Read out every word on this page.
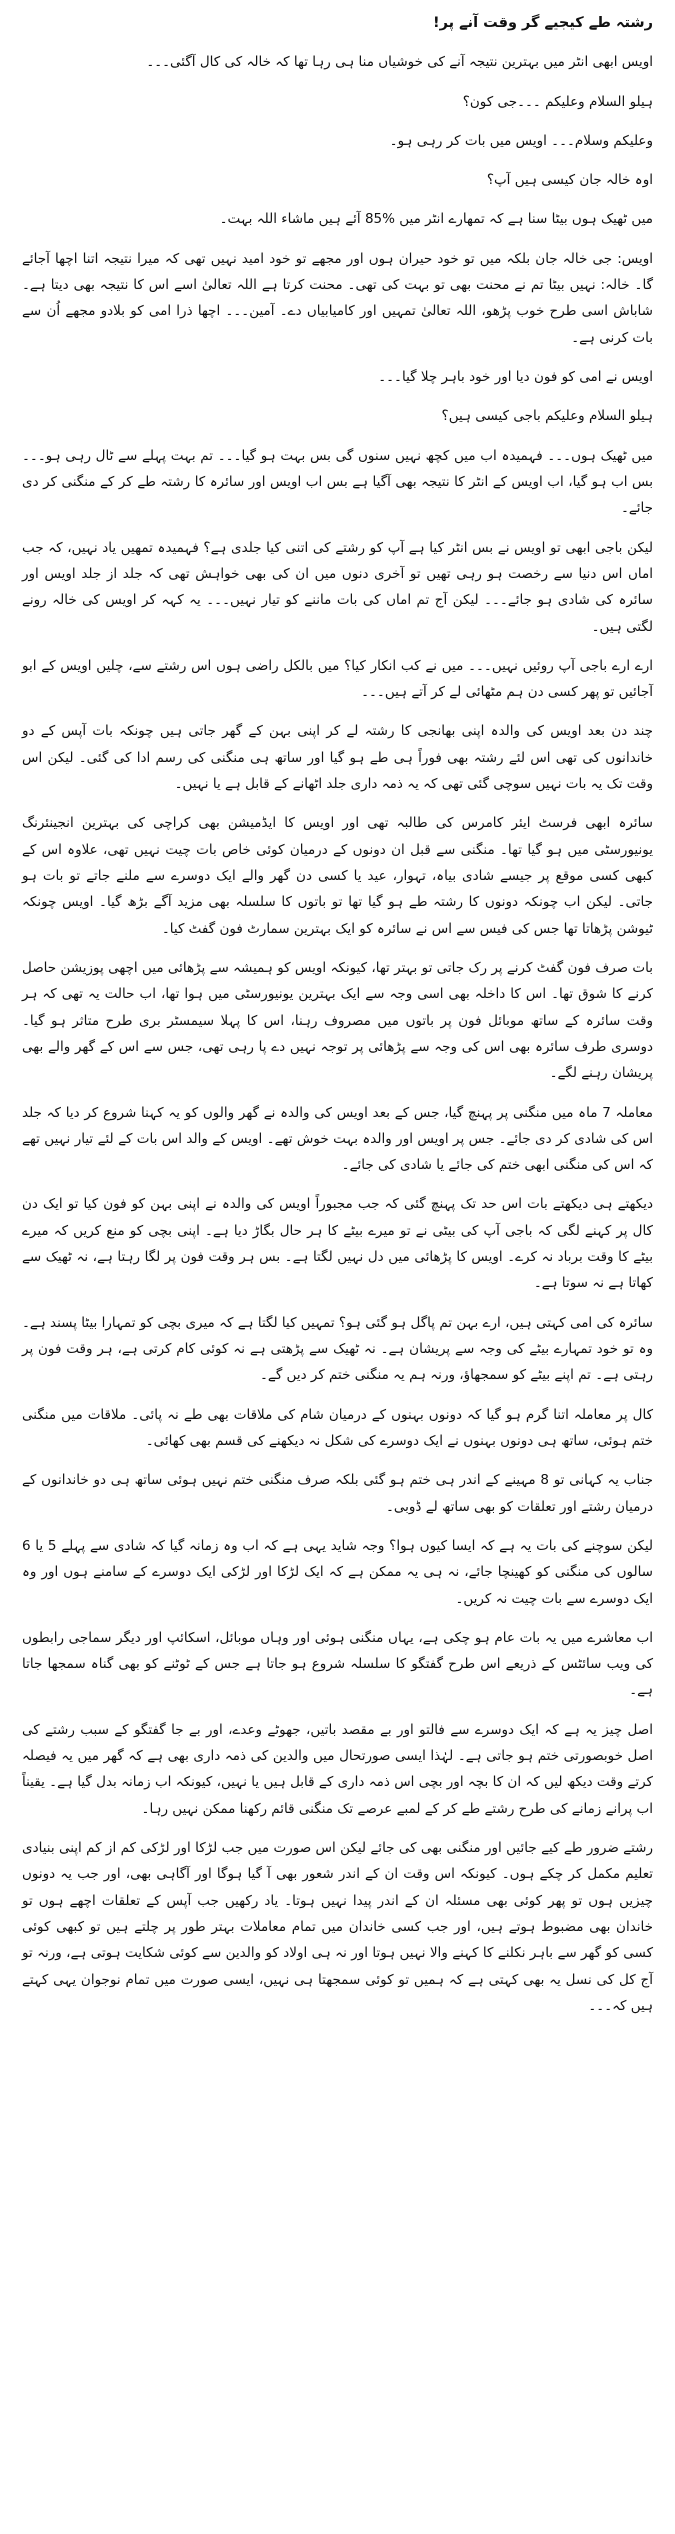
رشتہ طے کیجیے گر وقت آنے پر!

اویس ابھی انٹر میں بہترین نتیجہ آنے کی خوشیاں منا ہی رہا تھا کہ خالہ کی کال آگئی۔۔۔

ہیلو السلام وعلیکم ۔۔۔جی کون؟

وعلیکم وسلام۔۔۔ اویس میں بات کر رہی ہو۔

اوہ خالہ جان کیسی ہیں آپ؟

میں ٹھیک ہوں بیٹا سنا ہے کہ تمھارے انٹر میں %85 آئے ہیں ماشاء اللہ بہت۔

اویس: جی خالہ جان بلکہ میں تو خود حیران ہوں اور مجھے تو خود امید نہیں تھی کہ میرا نتیجہ اتنا اچھا آجائے گا۔ خالہ: نہیں بیٹا تم نے محنت بھی تو بہت کی تھی۔ محنت کرتا ہے اللہ تعالیٰ اسے اس کا نتیجہ بھی دیتا ہے۔ شاباش اسی طرح خوب پڑھو، اللہ تعالیٰ تمہیں اور کامیابیاں دے۔ آمین۔۔۔ اچھا ذرا امی کو بلادو مجھے اُن سے بات کرنی ہے۔

اویس نے امی کو فون دیا اور خود باہر چلا گیا۔۔۔

ہیلو السلام وعلیکم باجی کیسی ہیں؟

میں ٹھیک ہوں۔۔۔ فہمیدہ اب میں کچھ نہیں سنوں گی بس بہت ہو گیا۔۔۔ تم بہت پہلے سے ٹال رہی ہو۔۔۔ بس اب ہو گیا، اب اویس کے انٹر کا نتیجہ بھی آگیا ہے بس اب اویس اور سائرہ کا رشتہ طے کر کے منگنی کر دی جائے۔

لیکن باجی ابھی تو اویس نے بس انٹر کیا ہے آپ کو رشتے کی اتنی کیا جلدی ہے؟ فہمیدہ تمھیں یاد نہیں، کہ جب اماں اس دنیا سے رخصت ہو رہی تھیں تو آخری دنوں میں ان کی بھی خواہش تھی کہ جلد از جلد اویس اور سائرہ کی شادی ہو جائے۔۔۔ لیکن آج تم اماں کی بات ماننے کو تیار نہیں۔۔۔ یہ کہہ کر اویس کی خالہ رونے لگتی ہیں۔

ارے ارے باجی آپ روئیں نہیں۔۔۔ میں نے کب انکار کیا؟ میں بالکل راضی ہوں اس رشتے سے، چلیں اویس کے ابو آجائیں تو پھر کسی دن ہم مٹھائی لے کر آتے ہیں۔۔۔

چند دن بعد اویس کی والدہ اپنی بھانجی کا رشتہ لے کر اپنی بہن کے گھر جاتی ہیں چونکہ بات آپس کے دو خاندانوں کی تھی اس لئے رشتہ بھی فوراً ہی طے ہو گیا اور ساتھ ہی منگنی کی رسم ادا کی گئی۔ لیکن اس وقت تک یہ بات نہیں سوچی گئی تھی کہ یہ ذمہ داری جلد اٹھانے کے قابل ہے یا نہیں۔

سائرہ ابھی فرسٹ ایئر کامرس کی طالبہ تھی اور اویس کا ایڈمیشن بھی کراچی کی بہترین انجینئرنگ یونیورسٹی میں ہو گیا تھا۔ منگنی سے قبل ان دونوں کے درمیان کوئی خاص بات چیت نہیں تھی، علاوہ اس کے کبھی کسی موقع پر جیسے شادی بیاہ، تہوار، عید یا کسی دن گھر والے ایک دوسرے سے ملنے جاتے تو بات ہو جاتی۔ لیکن اب چونکہ دونوں کا رشتہ طے ہو گیا تھا تو باتوں کا سلسلہ بھی مزید آگے بڑھ گیا۔ اویس چونکہ ٹیوشن پڑھاتا تھا جس کی فیس سے اس نے سائرہ کو ایک بہترین سمارٹ فون گفٹ کیا۔

بات صرف فون گفٹ کرنے پر رک جاتی تو بہتر تھا، کیونکہ اویس کو ہمیشہ سے پڑھائی میں اچھی پوزیشن حاصل کرنے کا شوق تھا۔ اس کا داخلہ بھی اسی وجہ سے ایک بہترین یونیورسٹی میں ہوا تھا، اب حالت یہ تھی کہ ہر وقت سائرہ کے ساتھ موبائل فون پر باتوں میں مصروف رہنا، اس کا پہلا سیمسٹر بری طرح متاثر ہو گیا۔ دوسری طرف سائرہ بھی اس کی وجہ سے پڑھائی پر توجہ نہیں دے پا رہی تھی، جس سے اس کے گھر والے بھی پریشان رہنے لگے۔

معاملہ 7 ماہ میں منگنی پر پہنچ گیا، جس کے بعد اویس کی والدہ نے گھر والوں کو یہ کہنا شروع کر دیا کہ جلد اس کی شادی کر دی جائے۔ جس پر اویس اور والدہ بہت خوش تھے۔ اویس کے والد اس بات کے لئے تیار نہیں تھے کہ اس کی منگنی ابھی ختم کی جائے یا شادی کی جائے۔

دیکھتے ہی دیکھتے بات اس حد تک پہنچ گئی کہ جب مجبوراً اویس کی والدہ نے اپنی بہن کو فون کیا تو ایک دن کال پر کہنے لگی کہ باجی آپ کی بیٹی نے تو میرے بیٹے کا ہر حال بگاڑ دیا ہے۔ اپنی بچی کو منع کریں کہ میرے بیٹے کا وقت برباد نہ کرے۔ اویس کا پڑھائی میں دل نہیں لگتا ہے۔ بس ہر وقت فون پر لگا رہتا ہے، نہ ٹھیک سے کھاتا ہے نہ سوتا ہے۔

سائرہ کی امی کہتی ہیں، ارے بہن تم پاگل ہو گئی ہو؟ تمہیں کیا لگتا ہے کہ میری بچی کو تمہارا بیٹا پسند ہے۔ وہ تو خود تمہارے بیٹے کی وجہ سے پریشان ہے۔ نہ ٹھیک سے پڑھتی ہے نہ کوئی کام کرتی ہے، ہر وقت فون پر رہتی ہے۔ تم اپنے بیٹے کو سمجھاؤ، ورنہ ہم یہ منگنی ختم کر دیں گے۔

کال پر معاملہ اتنا گرم ہو گیا کہ دونوں بہنوں کے درمیان شام کی ملاقات بھی طے نہ پائی۔ ملاقات میں منگنی ختم ہوئی، ساتھ ہی دونوں بہنوں نے ایک دوسرے کی شکل نہ دیکھنے کی قسم بھی کھائی۔

جناب یہ کہانی تو 8 مہینے کے اندر ہی ختم ہو گئی بلکہ صرف منگنی ختم نہیں ہوئی ساتھ ہی دو خاندانوں کے درمیان رشتے اور تعلقات کو بھی ساتھ لے ڈوبی۔

لیکن سوچنے کی بات یہ ہے کہ ایسا کیوں ہوا؟ وجہ شاید یہی ہے کہ اب وہ زمانہ گیا کہ شادی سے پہلے 5 یا 6 سالوں کی منگنی کو کھینچا جائے، نہ ہی یہ ممکن ہے کہ ایک لڑکا اور لڑکی ایک دوسرے کے سامنے ہوں اور وہ ایک دوسرے سے بات چیت نہ کریں۔

اب معاشرے میں یہ بات عام ہو چکی ہے، یہاں منگنی ہوئی اور وہاں موبائل، اسکائپ اور دیگر سماجی رابطوں کی ویب سائٹس کے ذریعے اس طرح گفتگو کا سلسلہ شروع ہو جاتا ہے جس کے ٹوٹنے کو بھی گناہ سمجھا جاتا ہے۔

اصل چیز یہ ہے کہ ایک دوسرے سے فالتو اور بے مقصد باتیں، جھوٹے وعدے، اور بے جا گفتگو کے سبب رشتے کی اصل خوبصورتی ختم ہو جاتی ہے۔ لہٰذا ایسی صورتحال میں والدین کی ذمہ داری بھی ہے کہ گھر میں یہ فیصلہ کرتے وقت دیکھ لیں کہ ان کا بچہ اور بچی اس ذمہ داری کے قابل ہیں یا نہیں، کیونکہ اب زمانہ بدل گیا ہے۔ یقیناً اب پرانے زمانے کی طرح رشتے طے کر کے لمبے عرصے تک منگنی قائم رکھنا ممکن نہیں رہا۔

رشتے ضرور طے کیے جائیں اور منگنی بھی کی جائے لیکن اس صورت میں جب لڑکا اور لڑکی کم از کم اپنی بنیادی تعلیم مکمل کر چکے ہوں۔ کیونکہ اس وقت ان کے اندر شعور بھی آ گیا ہوگا اور آگاہی بھی، اور جب یہ دونوں چیزیں ہوں تو پھر کوئی بھی مسئلہ ان کے اندر پیدا نہیں ہوتا۔ یاد رکھیں جب آپس کے تعلقات اچھے ہوں تو خاندان بھی مضبوط ہوتے ہیں، اور جب کسی خاندان میں تمام معاملات بہتر طور پر چلتے ہیں تو کبھی کوئی کسی کو گھر سے باہر نکلنے کا کہنے والا نہیں ہوتا اور نہ ہی اولاد کو والدین سے کوئی شکایت ہوتی ہے، ورنہ تو آج کل کی نسل یہ بھی کہتی ہے کہ ہمیں تو کوئی سمجھتا ہی نہیں، ایسی صورت میں تمام نوجوان یہی کہتے ہیں کہ۔۔۔
